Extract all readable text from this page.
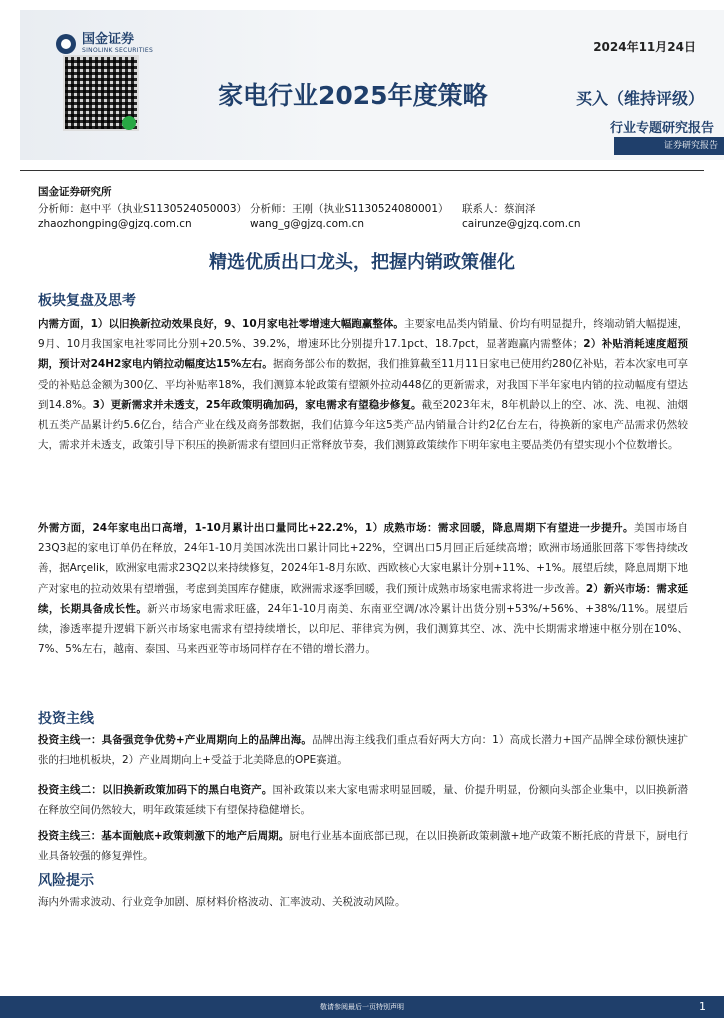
国金证券
SINOLINK SECURITIES	2024年11月24日
家电行业2025年度策略	买入（维持评级）
行业专题研究报告
证券研究报告
国金证券研究所
分析师：赵中平（执业S1130524050003） 分析师：王刚（执业S1130524080001）	联系人：蔡润泽
zhaozhongping@gjzq.com.cn	wang_g@gjzq.com.cn	cairunze@gjzq.com.cn
精选优质出口龙头，把握内销政策催化
板块复盘及思考
内需方面，1）以旧换新拉动效果良好，9、10月家电社零增速大幅跑赢整体。主要家电品类内销量、价均有明显提升，终端动销大幅提速，9月、10月我国家电社零同比分别+20.5%、39.2%，增速环比分别提升17.1pct、18.7pct，显著跑赢内需整体；2）补贴消耗速度超预期，预计对24H2家电内销拉动幅度达15%左右。据商务部公布的数据，我们推算截至11月11日家电已使用约280亿补贴，若本次家电可享受的补贴总金额为300亿、平均补贴率18%，我们测算本轮政策有望额外拉动448亿的更新需求，对我国下半年家电内销的拉动幅度有望达到14.8%。3）更新需求并未透支，25年政策明确加码，家电需求有望稳步修复。截至2023年末，8年机龄以上的空、冰、洗、电视、油烟机五类产品累计约5.6亿台，结合产业在线及商务部数据，我们估算今年这5类产品内销量合计约2亿台左右，待换新的家电产品需求仍然较大，需求并未透支，政策引导下积压的换新需求有望回归正常释放节奏，我们测算政策续作下明年家电主要品类仍有望实现小个位数增长。
外需方面，24年家电出口高增，1-10月累计出口量同比+22.2%，1）成熟市场：需求回暖，降息周期下有望进一步提升。美国市场自23Q3起的家电订单仍在释放，24年1-10月美国冰洗出口累计同比+22%，空调出口5月回正后延续高增；欧洲市场通胀回落下零售持续改善，据Arçelik，欧洲家电需求23Q2以来持续修复，2024年1-8月东欧、西欧核心大家电累计分别+11%、+1%。展望后续，降息周期下地产对家电的拉动效果有望增强，考虑到美国库存健康，欧洲需求逐季回暖，我们预计成熟市场家电需求将进一步改善。2）新兴市场：需求延续，长期具备成长性。新兴市场家电需求旺盛，24年1-10月南美、东南亚空调/冰冷累计出货分别+53%/+56%、+38%/11%。展望后续，渗透率提升逻辑下新兴市场家电需求有望持续增长，以印尼、菲律宾为例，我们测算其空、冰、洗中长期需求增速中枢分别在10%、7%、5%左右，越南、泰国、马来西亚等市场同样存在不错的增长潜力。
投资主线
投资主线一：具备强竞争优势+产业周期向上的品牌出海。品牌出海主线我们重点看好两大方向：1）高成长潜力+国产品牌全球份额快速扩张的扫地机板块，2）产业周期向上+受益于北美降息的OPE赛道。
投资主线二：以旧换新政策加码下的黑白电资产。国补政策以来大家电需求明显回暖，量、价提升明显，份额向头部企业集中，以旧换新潜在释放空间仍然较大，明年政策延续下有望保持稳健增长。
投资主线三：基本面触底+政策刺激下的地产后周期。厨电行业基本面底部已现，在以旧换新政策刺激+地产政策不断托底的背景下，厨电行业具备较强的修复弹性。
风险提示
海内外需求波动、行业竞争加剧、原材料价格波动、汇率波动、关税波动风险。
敬请参阅最后一页特别声明	1
